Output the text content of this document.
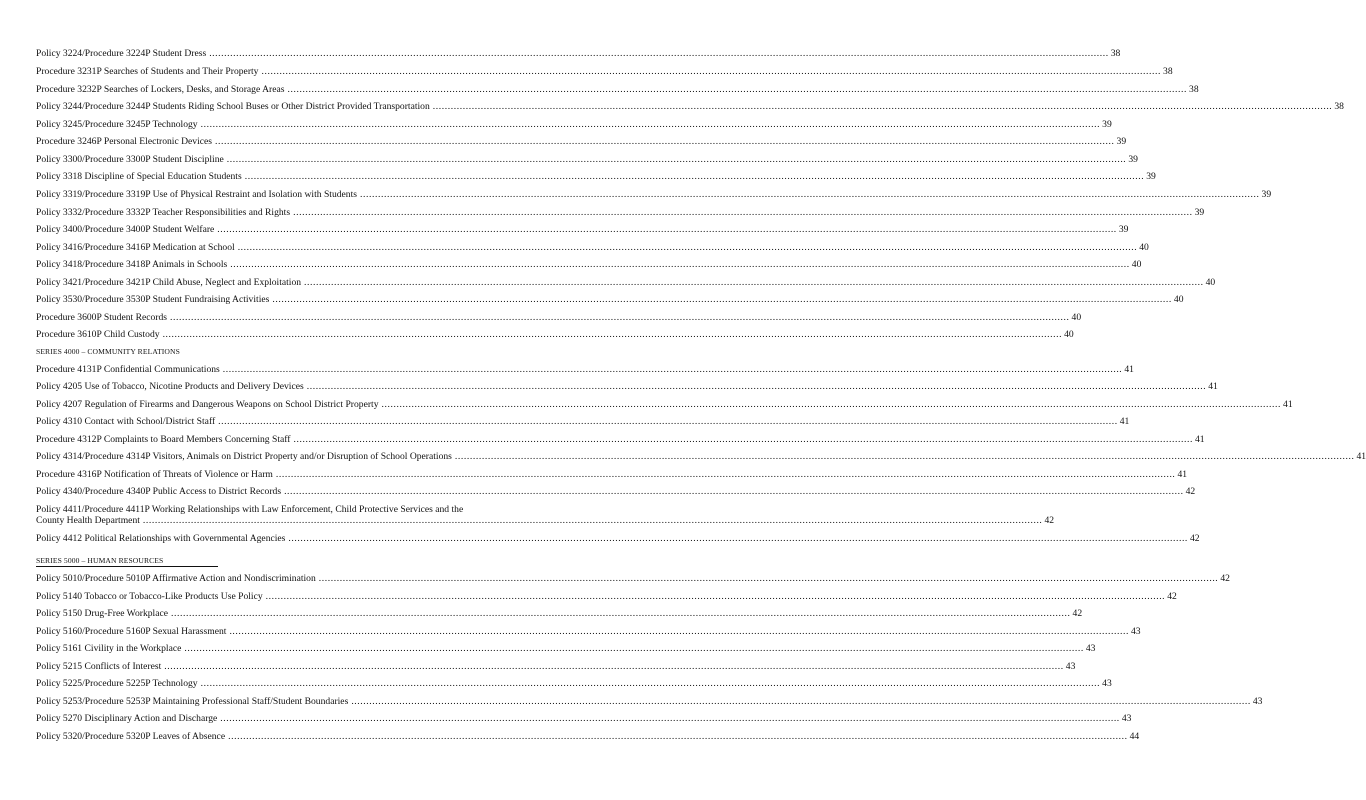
Policy 3224/Procedure 3224P Student Dress ............................................................................................................................................................................................................................................................................................................ 38
Procedure 3231P Searches of Students and Their Property ............................................................................................................................................................................................................................................................................................................ 38
Procedure 3232P Searches of Lockers, Desks, and Storage Areas ............................................................................................................................................................................................................................................................................................................ 38
Policy 3244/Procedure 3244P Students Riding School Buses or Other District Provided Transportation ............................................................................................................................................................................................................................................................................................................ 38
Policy 3245/Procedure 3245P Technology ............................................................................................................................................................................................................................................................................................................ 39
Procedure 3246P Personal Electronic Devices ............................................................................................................................................................................................................................................................................................................ 39
Policy 3300/Procedure 3300P Student Discipline ............................................................................................................................................................................................................................................................................................................ 39
Policy 3318 Discipline of Special Education Students ............................................................................................................................................................................................................................................................................................................ 39
Policy 3319/Procedure 3319P Use of Physical Restraint and Isolation with Students ............................................................................................................................................................................................................................................................................................................ 39
Policy 3332/Procedure 3332P Teacher Responsibilities and Rights ............................................................................................................................................................................................................................................................................................................ 39
Policy 3400/Procedure 3400P Student Welfare ............................................................................................................................................................................................................................................................................................................ 39
Policy 3416/Procedure 3416P Medication at School ............................................................................................................................................................................................................................................................................................................ 40
Policy 3418/Procedure 3418P Animals in Schools ............................................................................................................................................................................................................................................................................................................ 40
Policy 3421/Procedure 3421P Child Abuse, Neglect and Exploitation ............................................................................................................................................................................................................................................................................................................ 40
Policy 3530/Procedure 3530P Student Fundraising Activities ............................................................................................................................................................................................................................................................................................................ 40
Procedure 3600P Student Records ............................................................................................................................................................................................................................................................................................................ 40
Procedure 3610P Child Custody ............................................................................................................................................................................................................................................................................................................ 40
SERIES 4000 – COMMUNITY RELATIONS
Procedure 4131P Confidential Communications ............................................................................................................................................................................................................................................................................................................ 41
Policy 4205 Use of Tobacco, Nicotine Products and Delivery Devices ............................................................................................................................................................................................................................................................................................................ 41
Policy 4207 Regulation of Firearms and Dangerous Weapons on School District Property ............................................................................................................................................................................................................................................................................................................ 41
Policy 4310 Contact with School/District Staff ............................................................................................................................................................................................................................................................................................................ 41
Procedure 4312P Complaints to Board Members Concerning Staff ............................................................................................................................................................................................................................................................................................................ 41
Policy 4314/Procedure 4314P Visitors, Animals on District Property and/or Disruption of School Operations ............................................................................................................................................................................................................................................................................................................ 41
Procedure 4316P Notification of Threats of Violence or Harm ............................................................................................................................................................................................................................................................................................................ 41
Policy 4340/Procedure 4340P Public Access to District Records ............................................................................................................................................................................................................................................................................................................ 42
Policy 4411/Procedure 4411P Working Relationships with Law Enforcement, Child Protective Services and the
County Health Department ............................................................................................................................................................................................................................................................................................................ 42
Policy 4412 Political Relationships with Governmental Agencies ............................................................................................................................................................................................................................................................................................................ 42
SERIES 5000 – HUMAN RESOURCES
Policy 5010/Procedure 5010P Affirmative Action and Nondiscrimination ............................................................................................................................................................................................................................................................................................................ 42
Policy 5140 Tobacco or Tobacco-Like Products Use Policy ............................................................................................................................................................................................................................................................................................................ 42
Policy 5150 Drug-Free Workplace ............................................................................................................................................................................................................................................................................................................ 42
Policy 5160/Procedure 5160P Sexual Harassment ............................................................................................................................................................................................................................................................................................................ 43
Policy 5161 Civility in the Workplace ............................................................................................................................................................................................................................................................................................................ 43
Policy 5215 Conflicts of Interest ............................................................................................................................................................................................................................................................................................................ 43
Policy 5225/Procedure 5225P Technology ............................................................................................................................................................................................................................................................................................................ 43
Policy 5253/Procedure 5253P Maintaining Professional Staff/Student Boundaries ............................................................................................................................................................................................................................................................................................................ 43
Policy 5270 Disciplinary Action and Discharge ............................................................................................................................................................................................................................................................................................................ 43
Policy 5320/Procedure 5320P Leaves of Absence ............................................................................................................................................................................................................................................................................................................ 44
